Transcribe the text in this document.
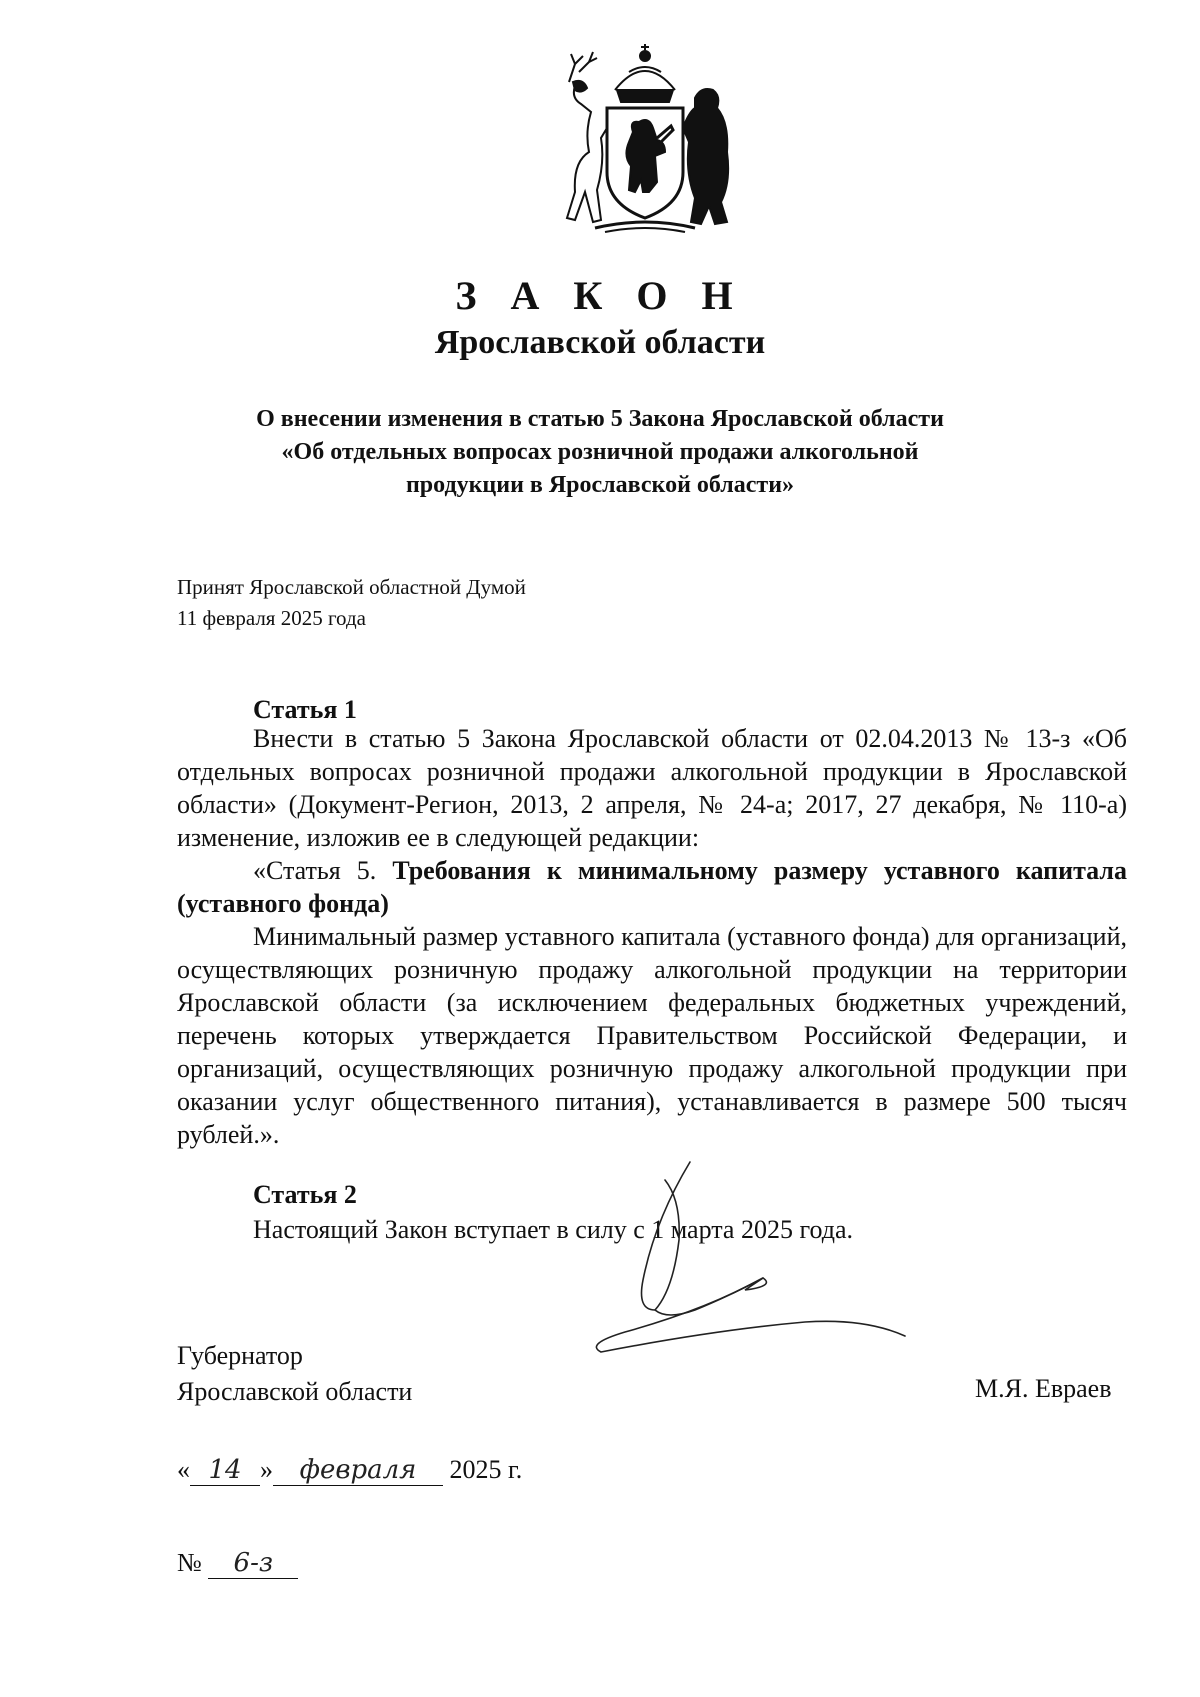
З А К О Н
Ярославской области
О внесении изменения в статью 5 Закона Ярославской области
«Об отдельных вопросах розничной продажи алкогольной
продукции в Ярославской области»
Принят Ярославской областной Думой
11 февраля 2025 года
Статья 1

Внести в статью 5 Закона Ярославской области от 02.04.2013 № 13-з «Об отдельных вопросах розничной продажи алкогольной продукции в Ярославской области» (Документ-Регион, 2013, 2 апреля, № 24-а; 2017, 27 декабря, № 110-а) изменение, изложив ее в следующей редакции:

«Статья 5. Требования к минимальному размеру уставного капитала (уставного фонда)

Минимальный размер уставного капитала (уставного фонда) для организаций, осуществляющих розничную продажу алкогольной продукции на территории Ярославской области (за исключением федеральных бюджетных учреждений, перечень которых утверждается Правительством Российской Федерации, и организаций, осуществляющих розничную продажу алкогольной продукции при оказании услуг общественного питания), устанавливается в размере 500 тысяч рублей.».

Статья 2

Настоящий Закон вступает в силу с 1 марта 2025 года.

Губернатор
Ярославской области	М.Я. Евраев
« 14 » февраля 2025 г.
№ 6-з
